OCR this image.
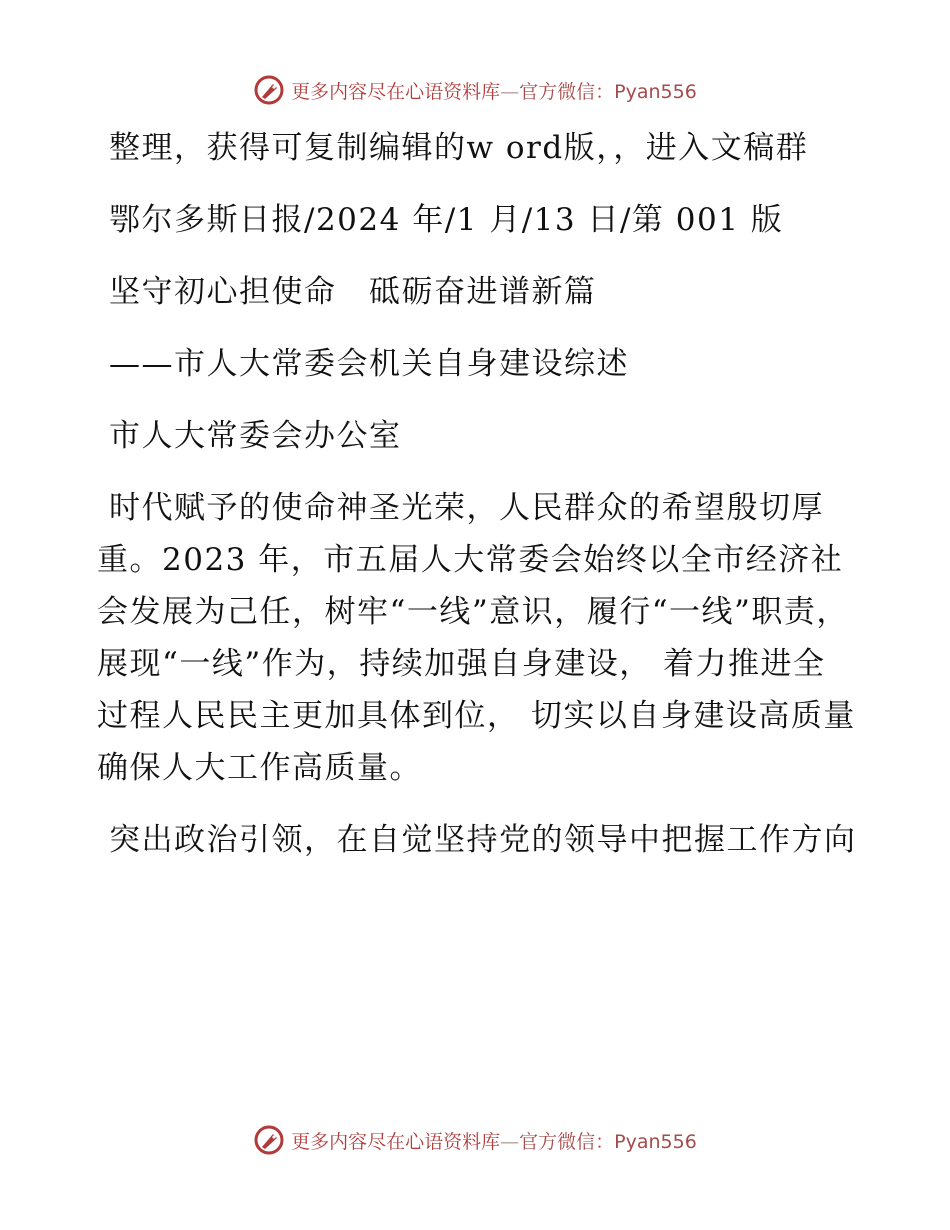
更多内容尽在心语资料库—官方微信：Pyan556

整理，获得可复制编辑的w ord版，，进入文稿群

鄂尔多斯日报/2024 年/1 月/13 日/第 001 版

坚守初心担使命　砥砺奋进谱新篇

——市人大常委会机关自身建设综述

市人大常委会办公室

时代赋予的使命神圣光荣，人民群众的希望殷切厚重。2023 年，市五届人大常委会始终以全市经济社会发展为己任，树牢“一线”意识，履行“一线”职责，展现“一线”作为，持续加强自身建设， 着力推进全过程人民民主更加具体到位， 切实以自身建设高质量确保人大工作高质量。

突出政治引领，在自觉坚持党的领导中把握工作方向

更多内容尽在心语资料库—官方微信：Pyan556
